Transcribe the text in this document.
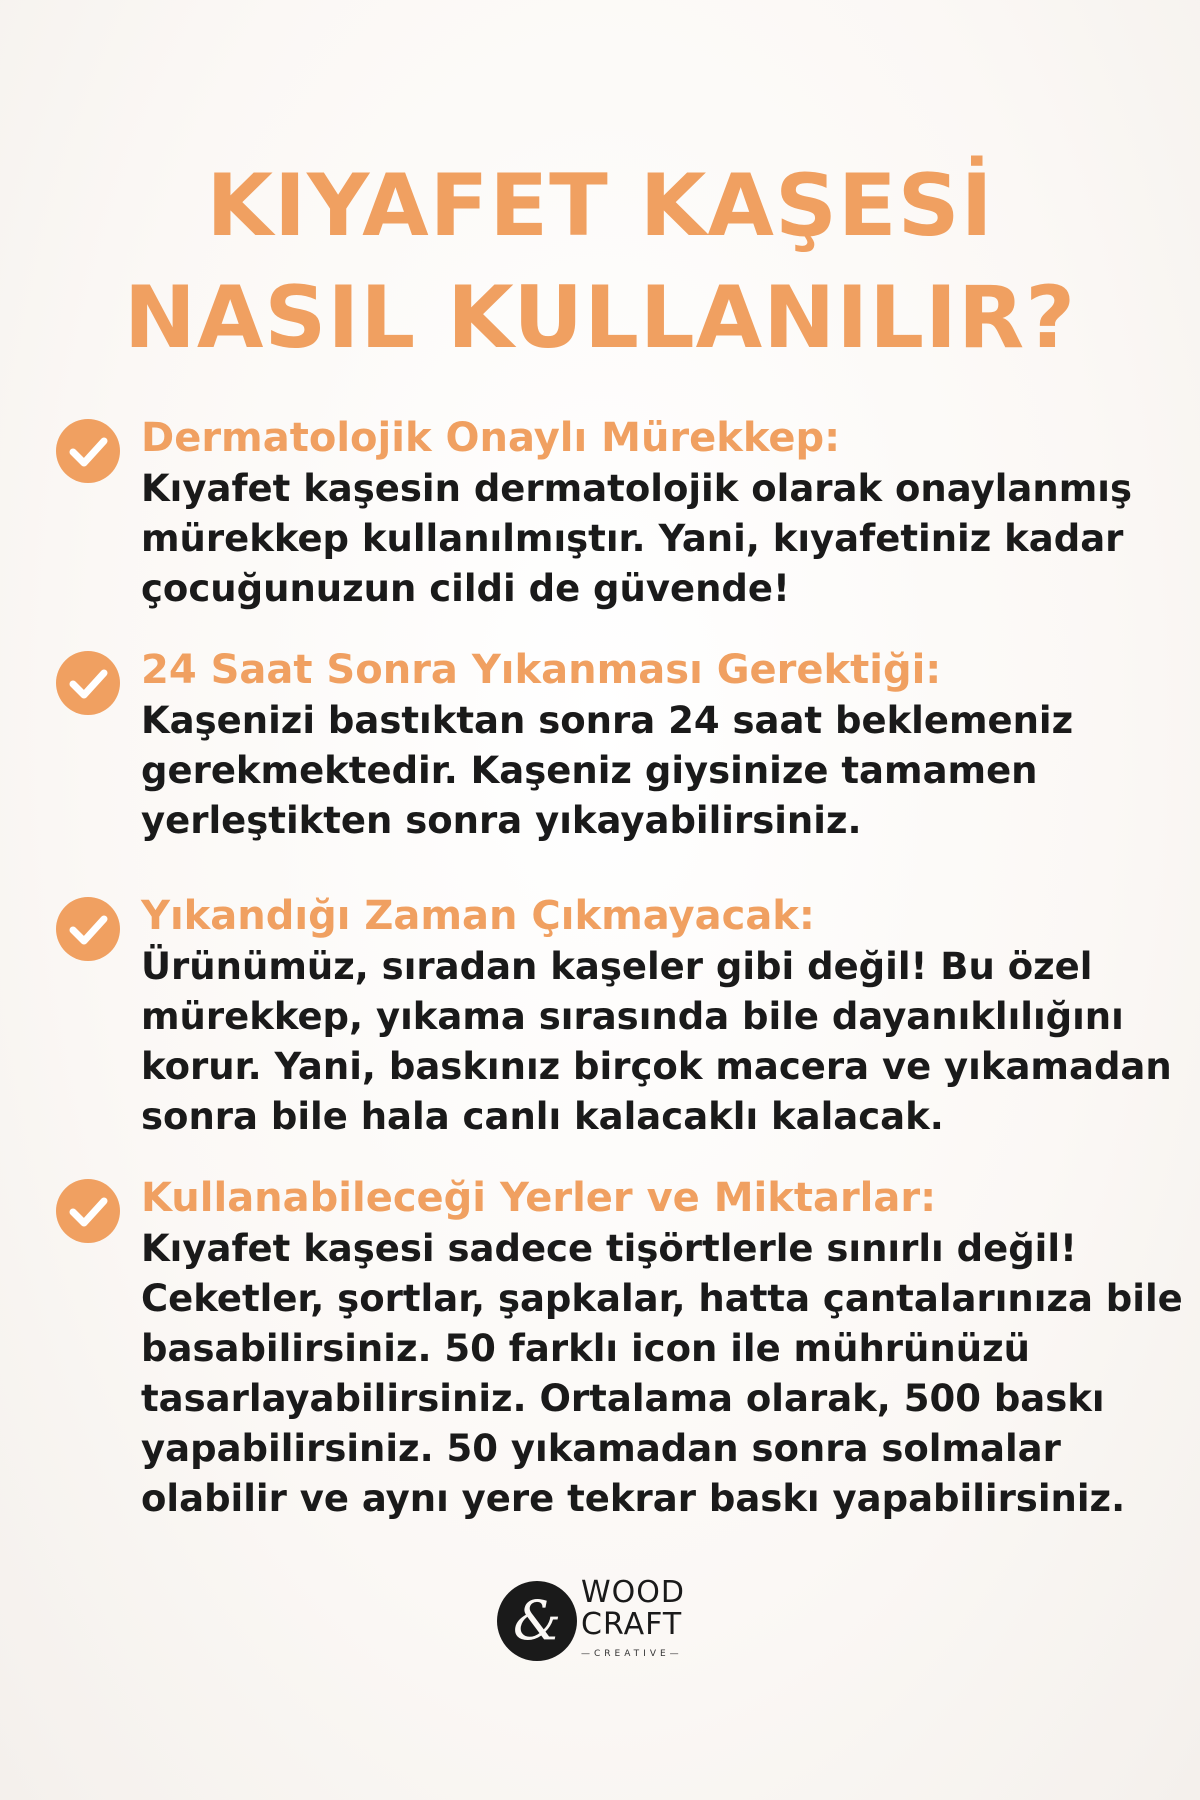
KIYAFET KAŞESİ
NASIL KULLANILIR?
Dermatolojik Onaylı Mürekkep:
Kıyafet kaşesin dermatolojik olarak onaylanmış
mürekkep kullanılmıştır. Yani, kıyafetiniz kadar
çocuğunuzun cildi de güvende!
24 Saat Sonra Yıkanması Gerektiği:
Kaşenizi bastıktan sonra 24 saat beklemeniz
gerekmektedir. Kaşeniz giysinize tamamen
yerleştikten sonra yıkayabilirsiniz.
Yıkandığı Zaman Çıkmayacak:
Ürünümüz, sıradan kaşeler gibi değil! Bu özel
mürekkep, yıkama sırasında bile dayanıklılığını
korur. Yani, baskınız birçok macera ve yıkamadan
sonra bile hala canlı kalacaklı kalacak.
Kullanabileceği Yerler ve Miktarlar:
Kıyafet kaşesi sadece tişörtlerle sınırlı değil!
Ceketler, şortlar, şapkalar, hatta çantalarınıza bile
basabilirsiniz. 50 farklı icon ile mührünüzü
tasarlayabilirsiniz. Ortalama olarak, 500 baskı
yapabilirsiniz. 50 yıkamadan sonra solmalar
olabilir ve aynı yere tekrar baskı yapabilirsiniz.
& WOOD
CRAFT
—CREATIVE—
